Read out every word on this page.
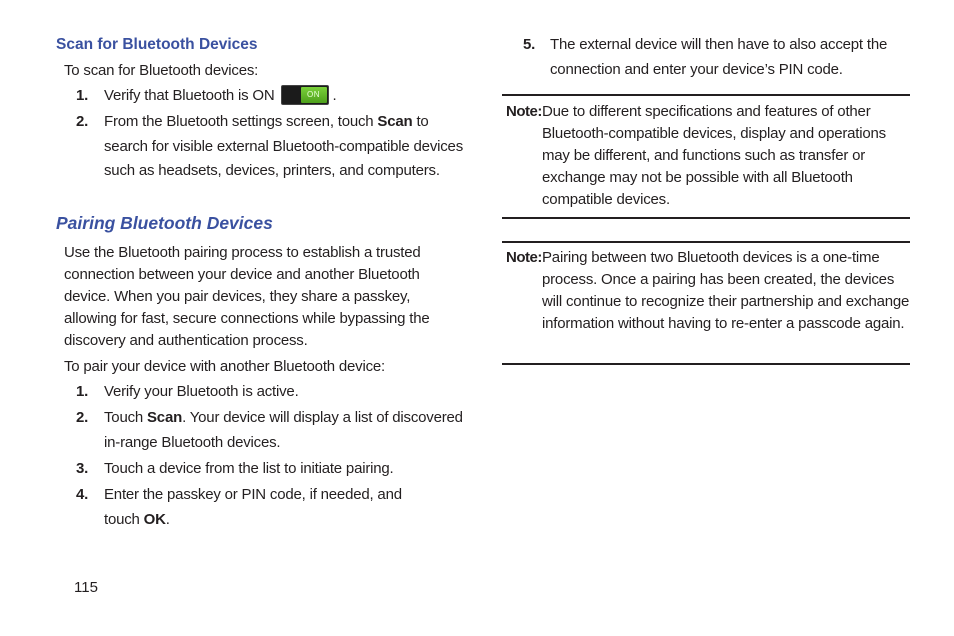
Scan for Bluetooth Devices
To scan for Bluetooth devices:
1.	Verify that Bluetooth is ON	ON .
2.	From the Bluetooth settings screen, touch Scan to search for visible external Bluetooth-compatible devices such as headsets, devices, printers, and computers.
Pairing Bluetooth Devices
Use the Bluetooth pairing process to establish a trusted connection between your device and another Bluetooth device. When you pair devices, they share a passkey, allowing for fast, secure connections while bypassing the discovery and authentication process.
To pair your device with another Bluetooth device:
1.	Verify your Bluetooth is active.
2.	Touch Scan. Your device will display a list of discovered in-range Bluetooth devices.
3.	Touch a device from the list to initiate pairing.
4.	Enter the passkey or PIN code, if needed, and touch OK.
5. The external device will then have to also accept the connection and enter your device’s PIN code.
Note: Due to different specifications and features of other Bluetooth-compatible devices, display and operations may be different, and functions such as transfer or exchange may not be possible with all Bluetooth compatible devices.
Note: Pairing between two Bluetooth devices is a one-time process. Once a pairing has been created, the devices will continue to recognize their partnership and exchange information without having to re-enter a passcode again.
115
